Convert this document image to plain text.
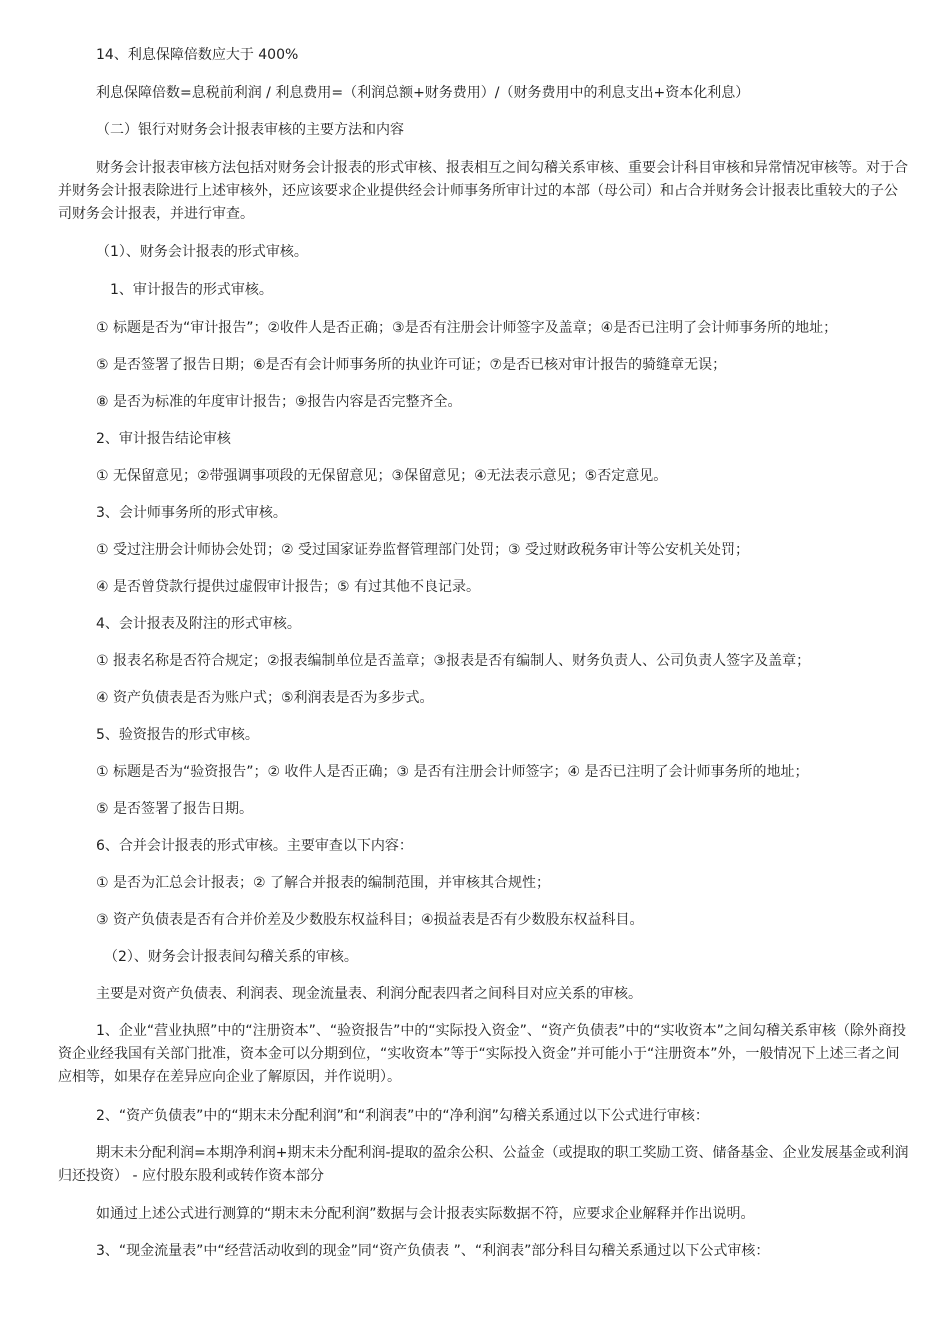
14、利息保障倍数应大于 400%

利息保障倍数=息税前利润 / 利息费用=（利润总额+财务费用）/（财务费用中的利息支出+资本化利息）

（二）银行对财务会计报表审核的主要方法和内容

财务会计报表审核方法包括对财务会计报表的形式审核、报表相互之间勾稽关系审核、重要会计科目审核和异常情况审核等。对于合并财务会计报表除进行上述审核外，还应该要求企业提供经会计师事务所审计过的本部（母公司）和占合并财务会计报表比重较大的子公司财务会计报表，并进行审查。

（1）、财务会计报表的形式审核。

1、审计报告的形式审核。

① 标题是否为“审计报告”；②收件人是否正确；③是否有注册会计师签字及盖章；④是否已注明了会计师事务所的地址；

⑤ 是否签署了报告日期；⑥是否有会计师事务所的执业许可证；⑦是否已核对审计报告的骑缝章无误；

⑧ 是否为标准的年度审计报告；⑨报告内容是否完整齐全。

2、审计报告结论审核

① 无保留意见；②带强调事项段的无保留意见；③保留意见；④无法表示意见；⑤否定意见。

3、会计师事务所的形式审核。

① 受过注册会计师协会处罚；② 受过国家证券监督管理部门处罚；③ 受过财政税务审计等公安机关处罚；

④ 是否曾贷款行提供过虚假审计报告；⑤ 有过其他不良记录。

4、会计报表及附注的形式审核。

① 报表名称是否符合规定；②报表编制单位是否盖章；③报表是否有编制人、财务负责人、公司负责人签字及盖章；

④ 资产负债表是否为账户式；⑤利润表是否为多步式。

5、验资报告的形式审核。

① 标题是否为“验资报告”；② 收件人是否正确；③ 是否有注册会计师签字；④ 是否已注明了会计师事务所的地址；

⑤ 是否签署了报告日期。

6、合并会计报表的形式审核。主要审查以下内容：

① 是否为汇总会计报表；② 了解合并报表的编制范围，并审核其合规性；

③ 资产负债表是否有合并价差及少数股东权益科目；④损益表是否有少数股东权益科目。

（2）、财务会计报表间勾稽关系的审核。

主要是对资产负债表、利润表、现金流量表、利润分配表四者之间科目对应关系的审核。

1、企业“营业执照”中的“注册资本”、“验资报告”中的“实际投入资金”、“资产负债表”中的“实收资本”之间勾稽关系审核（除外商投资企业经我国有关部门批准，资本金可以分期到位，“实收资本”等于“实际投入资金”并可能小于“注册资本”外，一般情况下上述三者之间应相等，如果存在差异应向企业了解原因，并作说明）。

2、“资产负债表”中的“期末未分配利润”和“利润表”中的“净利润”勾稽关系通过以下公式进行审核：

期末未分配利润=本期净利润+期末未分配利润-提取的盈余公积、公益金（或提取的职工奖励工资、储备基金、企业发展基金或利润归还投资） - 应付股东股利或转作资本部分

如通过上述公式进行测算的“期末未分配利润”数据与会计报表实际数据不符，应要求企业解释并作出说明。

3、“现金流量表”中“经营活动收到的现金”同“资产负债表 ”、“利润表”部分科目勾稽关系通过以下公式审核：
